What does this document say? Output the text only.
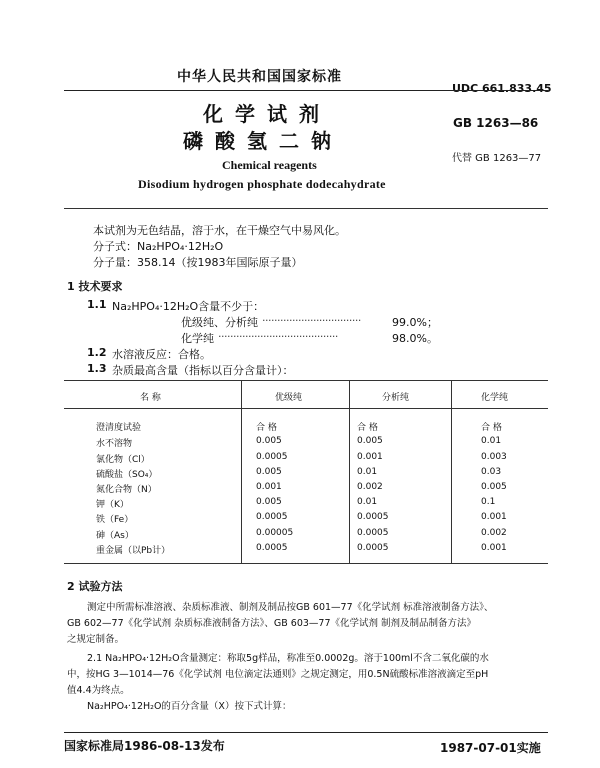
中华人民共和国国家标准
UDC 661.833.45
化学试剂
磷酸氢二钠
GB 1263—86
代替 GB 1263—77
Chemical reagents
Disodium hydrogen phosphate dodecahydrate
本试剂为无色结晶，溶于水，在干燥空气中易风化。
分子式：Na₂HPO₄·12H₂O
分子量：358.14（按1983年国际原子量）
1 技术要求
1.1 Na₂HPO₄·12H₂O含量不少于：
优级纯、分析纯 ·································	99.0%；
化学纯 ········································	98.0%。
1.2 水溶液反应：合格。
1.3 杂质最高含量（指标以百分含量计）：
名 称	优级纯	分析纯	化学纯
澄清度试验	合 格	合 格	合 格
水不溶物	0.005	0.005	0.01
氯化物（Cl）	0.0005	0.001	0.003
硫酸盐（SO₄）	0.005	0.01	0.03
氮化合物（N）	0.001	0.002	0.005
钾（K）	0.005	0.01	0.1
铁（Fe）	0.0005	0.0005	0.001
砷（As）	0.00005	0.0005	0.002
重金属（以Pb计）	0.0005	0.0005	0.001
2 试验方法
测定中所需标准溶液、杂质标准液、制剂及制品按GB 601—77《化学试剂 标准溶液制备方法》、
GB 602—77《化学试剂 杂质标准液制备方法》、GB 603—77《化学试剂 制剂及制品制备方法》
之规定制备。
2.1 Na₂HPO₄·12H₂O含量测定：称取5g样品，称准至0.0002g。溶于100ml不含二氧化碳的水
中，按HG 3—1014—76《化学试剂 电位滴定法通则》之规定测定，用0.5N硫酸标准溶液滴定至pH
值4.4为终点。
Na₂HPO₄·12H₂O的百分含量（X）按下式计算：
国家标准局1986-08-13发布	1987-07-01实施
